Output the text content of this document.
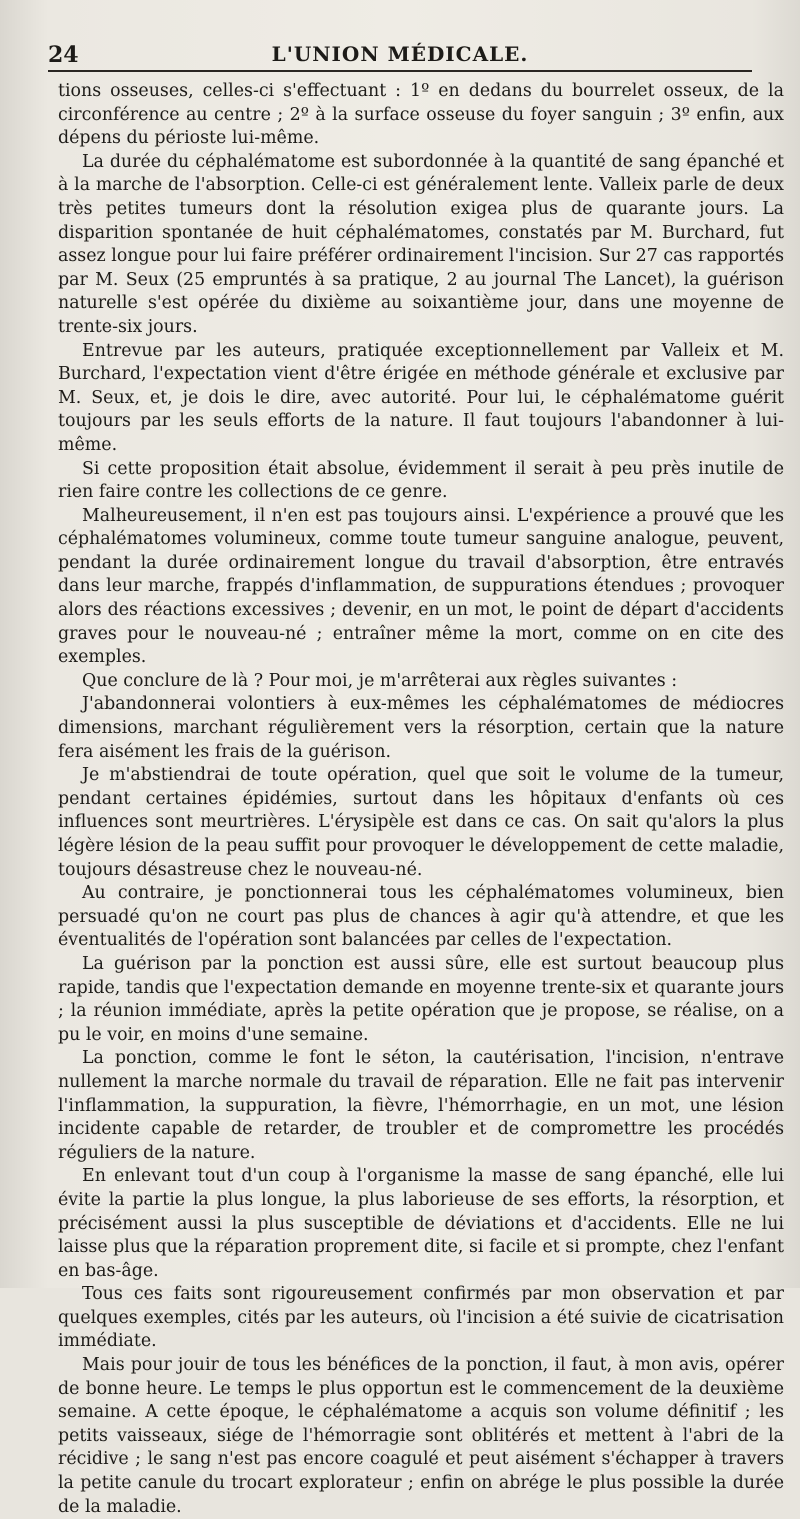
24	L'UNION MÉDICALE.

tions osseuses, celles-ci s'effectuant : 1º en dedans du bourrelet osseux, de la circonférence au centre ; 2º à la surface osseuse du foyer sanguin ; 3º enfin, aux dépens du périoste lui-même.

La durée du céphalématome est subordonnée à la quantité de sang épanché et à la marche de l'absorption. Celle-ci est généralement lente. Valleix parle de deux très petites tumeurs dont la résolution exigea plus de quarante jours. La disparition spontanée de huit céphalématomes, constatés par M. Burchard, fut assez longue pour lui faire préférer ordinairement l'incision. Sur 27 cas rapportés par M. Seux (25 empruntés à sa pratique, 2 au journal The Lancet), la guérison naturelle s'est opérée du dixième au soixantième jour, dans une moyenne de trente-six jours.

Entrevue par les auteurs, pratiquée exceptionnellement par Valleix et M. Burchard, l'expectation vient d'être érigée en méthode générale et exclusive par M. Seux, et, je dois le dire, avec autorité. Pour lui, le céphalématome guérit toujours par les seuls efforts de la nature. Il faut toujours l'abandonner à lui-même.

Si cette proposition était absolue, évidemment il serait à peu près inutile de rien faire contre les collections de ce genre.

Malheureusement, il n'en est pas toujours ainsi. L'expérience a prouvé que les céphalématomes volumineux, comme toute tumeur sanguine analogue, peuvent, pendant la durée ordinairement longue du travail d'absorption, être entravés dans leur marche, frappés d'inflammation, de suppurations étendues ; provoquer alors des réactions excessives ; devenir, en un mot, le point de départ d'accidents graves pour le nouveau-né ; entraîner même la mort, comme on en cite des exemples.

Que conclure de là ? Pour moi, je m'arrêterai aux règles suivantes :

J'abandonnerai volontiers à eux-mêmes les céphalématomes de médiocres dimensions, marchant régulièrement vers la résorption, certain que la nature fera aisément les frais de la guérison.

Je m'abstiendrai de toute opération, quel que soit le volume de la tumeur, pendant certaines épidémies, surtout dans les hôpitaux d'enfants où ces influences sont meurtrières. L'érysipèle est dans ce cas. On sait qu'alors la plus légère lésion de la peau suffit pour provoquer le développement de cette maladie, toujours désastreuse chez le nouveau-né.

Au contraire, je ponctionnerai tous les céphalématomes volumineux, bien persuadé qu'on ne court pas plus de chances à agir qu'à attendre, et que les éventualités de l'opération sont balancées par celles de l'expectation.

La guérison par la ponction est aussi sûre, elle est surtout beaucoup plus rapide, tandis que l'expectation demande en moyenne trente-six et quarante jours ; la réunion immédiate, après la petite opération que je propose, se réalise, on a pu le voir, en moins d'une semaine.

La ponction, comme le font le séton, la cautérisation, l'incision, n'entrave nullement la marche normale du travail de réparation. Elle ne fait pas intervenir l'inflammation, la suppuration, la fièvre, l'hémorrhagie, en un mot, une lésion incidente capable de retarder, de troubler et de compromettre les procédés réguliers de la nature.

En enlevant tout d'un coup à l'organisme la masse de sang épanché, elle lui évite la partie la plus longue, la plus laborieuse de ses efforts, la résorption, et précisément aussi la plus susceptible de déviations et d'accidents. Elle ne lui laisse plus que la réparation proprement dite, si facile et si prompte, chez l'enfant en bas-âge.

Tous ces faits sont rigoureusement confirmés par mon observation et par quelques exemples, cités par les auteurs, où l'incision a été suivie de cicatrisation immédiate.

Mais pour jouir de tous les bénéfices de la ponction, il faut, à mon avis, opérer de bonne heure. Le temps le plus opportun est le commencement de la deuxième semaine. A cette époque, le céphalématome a acquis son volume définitif ; les petits vaisseaux, siége de l'hémorragie sont oblitérés et mettent à l'abri de la récidive ; le sang n'est pas encore coagulé et peut aisément s'échapper à travers la petite canule du trocart explorateur ; enfin on abrége le plus possible la durée de la maladie.
